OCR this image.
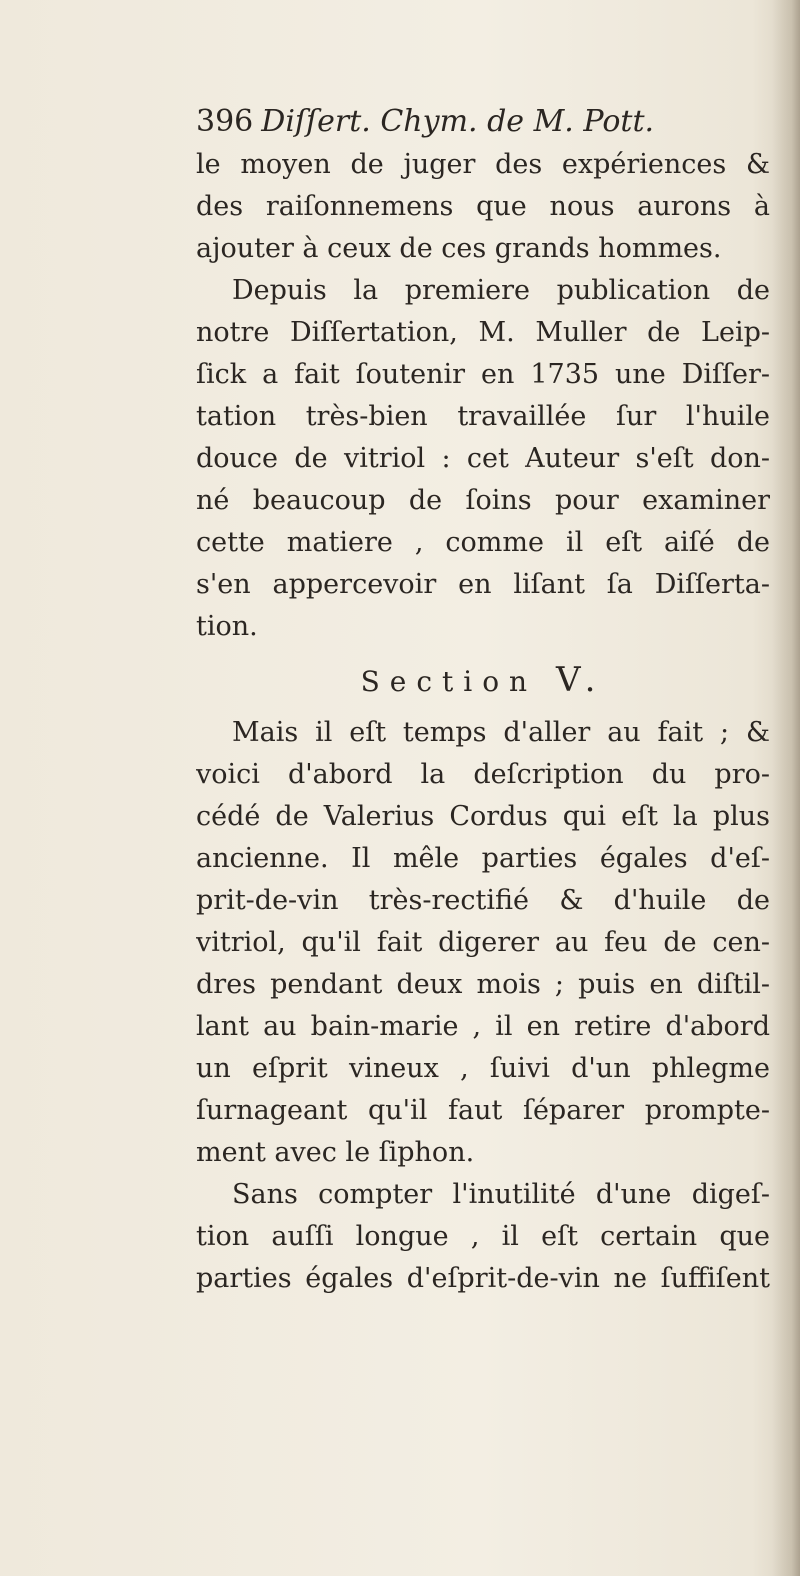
396 Diſſert. Chym. de M. Pott.
le moyen de juger des expériences &
des raiſonnemens que nous aurons à
ajouter à ceux de ces grands hommes.
Depuis la premiere publication de
notre Diſſertation, M. Muller de Leip-
ſick a fait ſoutenir en 1735 une Diſſer-
tation très-bien travaillée ſur l'huile
douce de vitriol : cet Auteur s'eſt don-
né beaucoup de ſoins pour examiner
cette matiere , comme il eſt aiſé de
s'en appercevoir en liſant ſa Diſſerta-
tion.
Section V.
Mais il eſt temps d'aller au fait ; &
voici d'abord la deſcription du pro-
cédé de Valerius Cordus qui eſt la plus
ancienne. Il mêle parties égales d'eſ-
prit-de-vin très-rectifié & d'huile de
vitriol, qu'il fait digerer au feu de cen-
dres pendant deux mois ; puis en diſtil-
lant au bain-marie , il en retire d'abord
un eſprit vineux , ſuivi d'un phlegme
ſurnageant qu'il faut ſéparer prompte-
ment avec le ſiphon.
Sans compter l'inutilité d'une digeſ-
tion auſſi longue , il eſt certain que
parties égales d'eſprit-de-vin ne ſuffiſent
